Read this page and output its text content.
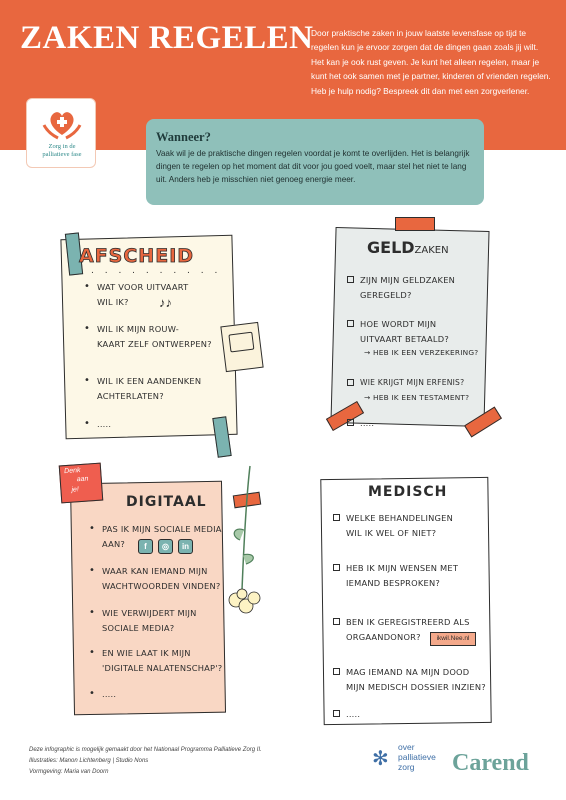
ZAKEN REGELEN
Door praktische zaken in jouw laatste levensfase op tijd te regelen kun je ervoor zorgen dat de dingen gaan zoals jij wilt. Het kan je ook rust geven. Je kunt het alleen regelen, maar je kunt het ook samen met je partner, kinderen of vrienden regelen. Heb je hulp nodig? Bespreek dit dan met een zorgverlener.
Zorg in de
palliatieve fase
Wanneer?
Vaak wil je de praktische dingen regelen voordat je komt te overlijden. Het is belangrijk dingen te regelen op het moment dat dit voor jou goed voelt, maar stel het niet te lang uit. Anders heb je misschien niet genoeg energie meer.
AFSCHEID
. . . . . . . . . .
• WAT VOOR UITVAART
WIL IK?	♪♪
• WIL IK MIJN ROUW-
KAART ZELF ONTWERPEN?
• WIL IK EEN AANDENKEN
ACHTERLATEN?
• .....
GELDZAKEN
ZIJN MIJN GELDZAKEN
GEREGELD?
HOE WORDT MIJN
UITVAART BETAALD?
→ HEB IK EEN VERZEKERING?
WIE KRIJGT MIJN ERFENIS?
→ HEB IK EEN TESTAMENT?
.....
Denk
aan
je!
DIGITAAL
• PAS IK MIJN SOCIALE MEDIA
AAN?	f	◎	in
• WAAR KAN IEMAND MIJN
WACHTWOORDEN VINDEN?
• WIE VERWIJDERT MIJN
SOCIALE MEDIA?
• EN WIE LAAT IK MIJN
'DIGITALE NALATENSCHAP'?
• .....
MEDISCH
WELKE BEHANDELINGEN
WIL IK WEL OF NIET?
HEB IK MIJN WENSEN MET
IEMAND BESPROKEN?
BEN IK GEREGISTREERD ALS
ORGAANDONOR?	ikwil.Nee.nl
MAG IEMAND NA MIJN DOOD
MIJN MEDISCH DOSSIER INZIEN?
.....
Deze infographic is mogelijk gemaakt door het Nationaal Programma Palliatieve Zorg II.
Illustraties: Manon Lichtenberg | Studio Nons
Vormgeving: Maria van Doorn
✻
over
palliatieve
zorg	Carend
